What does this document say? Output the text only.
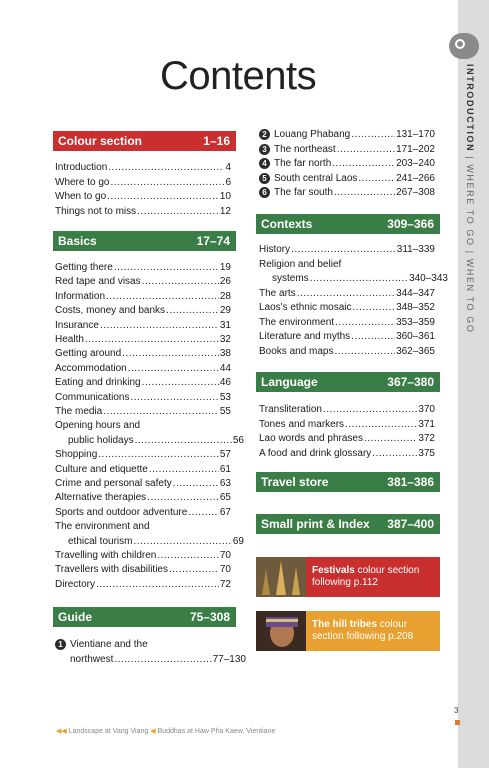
INTRODUCTION | WHERE TO GO | WHEN TO GO
Contents
Colour section	1–16
Introduction .....	4
Where to go .....	6
When to go .....	10
Things not to miss .....	12
Basics	17–74
Getting there .....	19
Red tape and visas .....	26
Information .....	28
Costs, money and banks .....	29
Insurance .....	31
Health .....	32
Getting around .....	38
Accommodation .....	44
Eating and drinking .....	46
Communications .....	53
The media .....	55
Opening hours and
public holidays .....	56
Shopping .....	57
Culture and etiquette .....	61
Crime and personal safety .....	63
Alternative therapies .....	65
Sports and outdoor adventure .....	67
The environment and
ethical tourism .....	69
Travelling with children .....	70
Travellers with disabilities .....	70
Directory .....	72
Guide	75–308
1 Vientiane and the
northwest .....	77–130
2 Louang Phabang .....	131–170
3 The northeast .....	171–202
4 The far north .....	203–240
5 South central Laos .....	241–266
6 The far south .....	267–308
Contexts	309–366
History .....	311–339
Religion and belief
systems .....	340–343
The arts .....	344–347
Laos's ethnic mosaic .....	348–352
The environment .....	353–359
Literature and myths .....	360–361
Books and maps .....	362–365
Language	367–380
Transliteration .....	370
Tones and markers .....	371
Lao words and phrases .....	372
A food and drink glossary .....	375
Travel store	381–386
Small print & Index 387–400
Festivals colour section following p.112
The hill tribes colour section following p.208
◀◀ Landscape at Vang Viang ◀ Buddhas at Haw Pha Kaew, Vientiane
3
